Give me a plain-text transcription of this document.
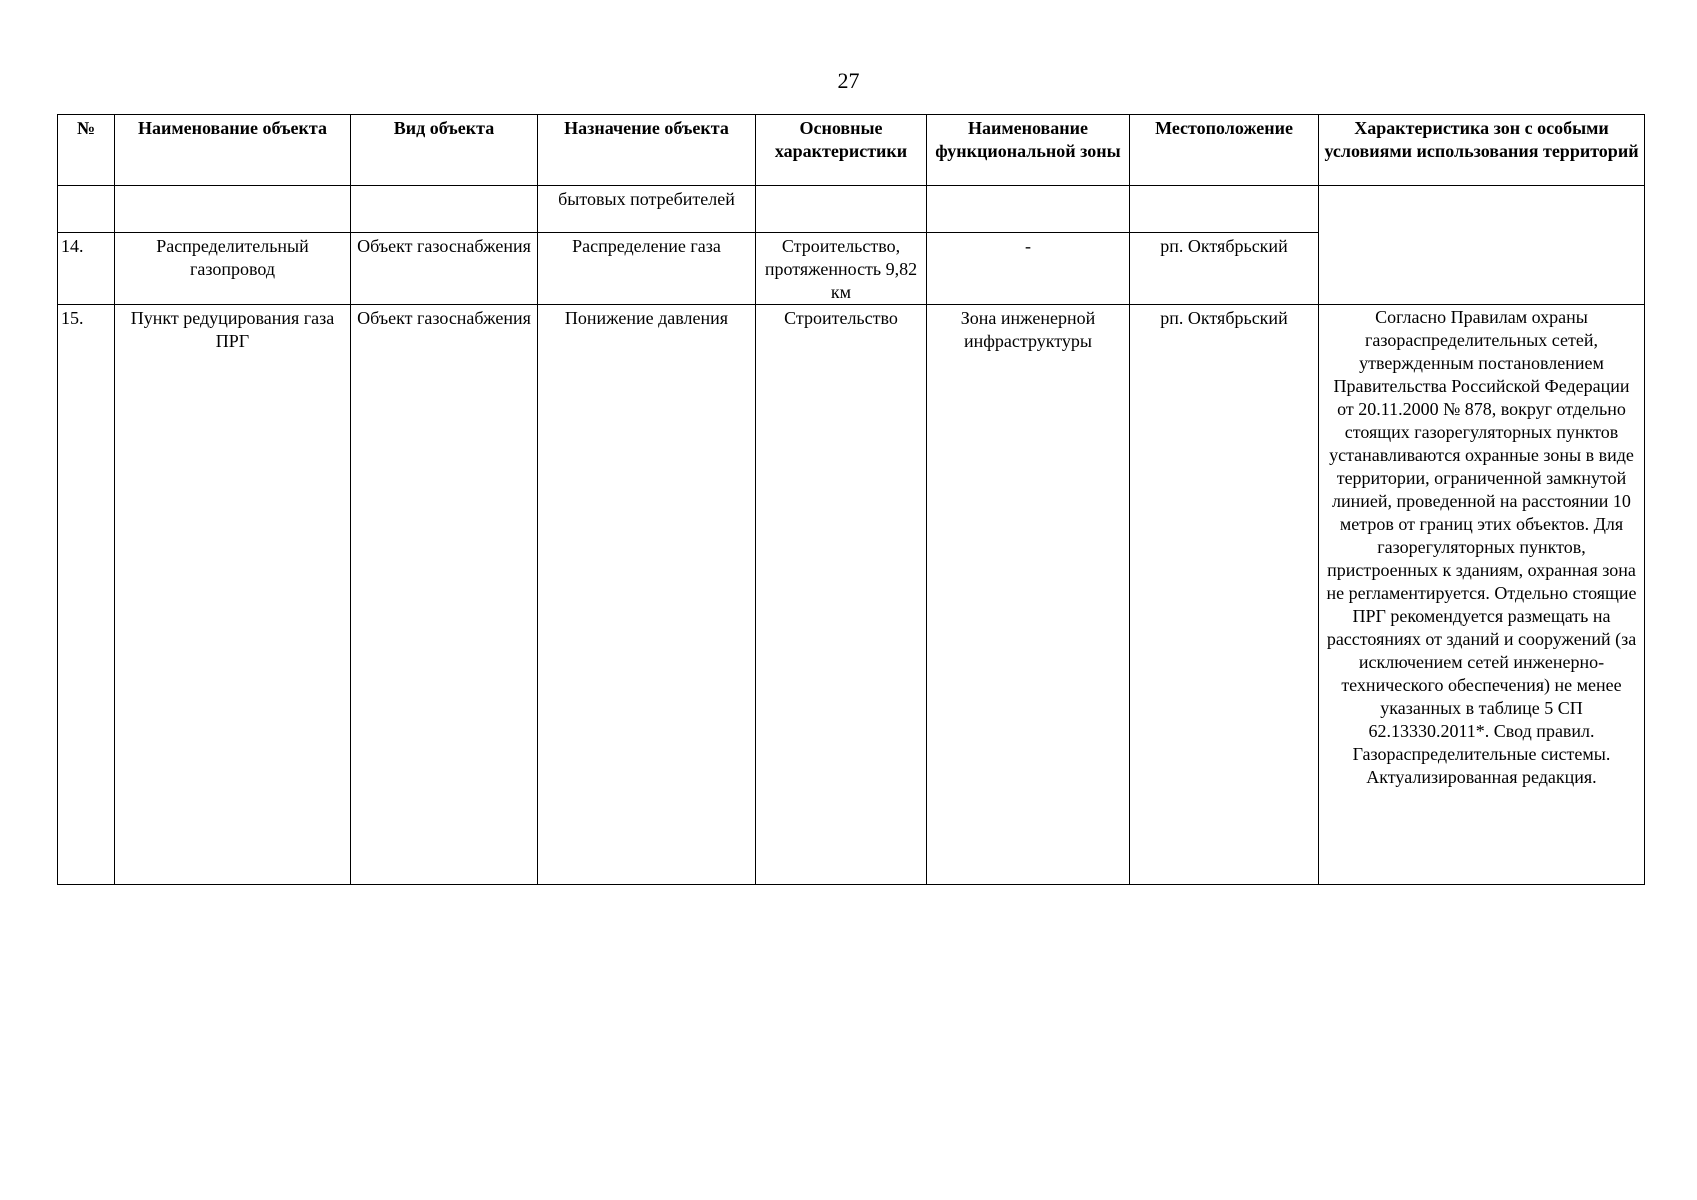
27
№	Наименование объекта	Вид объекта	Назначение объекта	Основные характеристики	Наименование функциональной зоны	Местоположение	Характеристика зон с особыми условиями использования территорий
			бытовых потребителей				
14.	Распределительный газопровод	Объект газоснабжения	Распределение газа	Строительство, протяженность 9,82 км	-	рп. Октябрьский	
15.	Пункт редуцирования газа ПРГ	Объект газоснабжения	Понижение давления	Строительство	Зона инженерной инфраструктуры	рп. Октябрьский	Согласно Правилам охраны газораспределительных сетей, утвержденным постановлением Правительства Российской Федерации от 20.11.2000 № 878, вокруг отдельно стоящих газорегуляторных пунктов устанавливаются охранные зоны в виде территории, ограниченной замкнутой линией, проведенной на расстоянии 10 метров от границ этих объектов. Для газорегуляторных пунктов, пристроенных к зданиям, охранная зона не регламентируется. Отдельно стоящие ПРГ рекомендуется размещать на расстояниях от зданий и сооружений (за исключением сетей инженерно-технического обеспечения) не менее указанных в таблице 5 СП 62.13330.2011*. Свод правил. Газораспределительные системы. Актуализированная редакция.
